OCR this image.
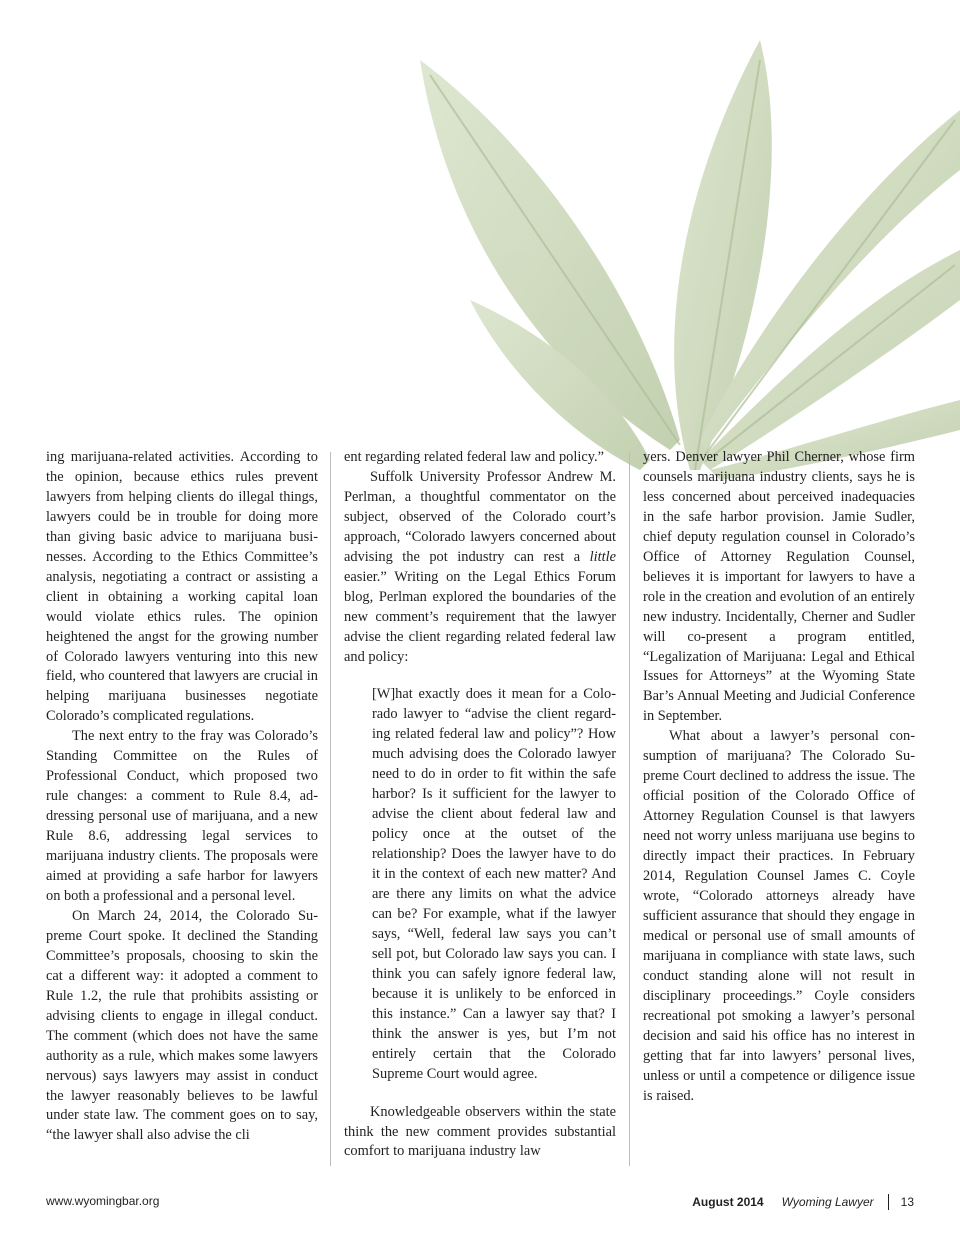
ing marijuana-related activities. According to the opinion, because ethics rules prevent lawyers from helping clients do illegal things, lawyers could be in trouble for doing more than giving basic advice to marijuana businesses. According to the Ethics Committee’s analysis, negotiating a contract or assisting a client in obtaining a working capital loan would violate ethics rules. The opinion heightened the angst for the growing number of Colorado lawyers venturing into this new field, who countered that lawyers are crucial in helping marijuana businesses negotiate Colorado’s complicated regulations.

The next entry to the fray was Colorado’s Standing Committee on the Rules of Professional Conduct, which proposed two rule changes: a comment to Rule 8.4, addressing personal use of marijuana, and a new Rule 8.6, addressing legal services to marijuana industry clients. The proposals were aimed at providing a safe harbor for lawyers on both a professional and a personal level.

On March 24, 2014, the Colorado Supreme Court spoke. It declined the Standing Committee’s proposals, choosing to skin the cat a different way: it adopted a comment to Rule 1.2, the rule that prohibits assisting or advising clients to engage in illegal conduct. The comment (which does not have the same authority as a rule, which makes some lawyers nervous) says lawyers may assist in conduct the lawyer reasonably believes to be lawful under state law. The comment goes on to say, “the lawyer shall also advise the cli

ent regarding related federal law and policy.”

Suffolk University Professor Andrew M. Perlman, a thoughtful commentator on the subject, observed of the Colorado court’s approach, “Colorado lawyers concerned about advising the pot industry can rest a little easier.” Writing on the Legal Ethics Forum blog, Perlman explored the boundaries of the new comment’s requirement that the lawyer advise the client regarding related federal law and policy:

[W]hat exactly does it mean for a Colorado lawyer to “advise the client regarding related federal law and policy”? How much advising does the Colorado lawyer need to do in order to fit within the safe harbor? Is it sufficient for the lawyer to advise the client about federal law and policy once at the outset of the relationship? Does the lawyer have to do it in the context of each new matter? And are there any limits on what the advice can be? For example, what if the lawyer says, “Well, federal law says you can’t sell pot, but Colorado law says you can. I think you can safely ignore federal law, because it is unlikely to be enforced in this instance.” Can a lawyer say that? I think the answer is yes, but I’m not entirely certain that the Colorado Supreme Court would agree.

Knowledgeable observers within the state think the new comment provides substantial comfort to marijuana industry law

yers. Denver lawyer Phil Cherner, whose firm counsels marijuana industry clients, says he is less concerned about perceived inadequacies in the safe harbor provision. Jamie Sudler, chief deputy regulation counsel in Colorado’s Office of Attorney Regulation Counsel, believes it is important for lawyers to have a role in the creation and evolution of an entirely new industry. Incidentally, Cherner and Sudler will co-present a program entitled, “Legalization of Marijuana: Legal and Ethical Issues for Attorneys” at the Wyoming State Bar’s Annual Meeting and Judicial Conference in September.

What about a lawyer’s personal consumption of marijuana? The Colorado Supreme Court declined to address the issue. The official position of the Colorado Office of Attorney Regulation Counsel is that lawyers need not worry unless marijuana use begins to directly impact their practices. In February 2014, Regulation Counsel James C. Coyle wrote, “Colorado attorneys already have sufficient assurance that should they engage in medical or personal use of small amounts of marijuana in compliance with state laws, such conduct standing alone will not result in disciplinary proceedings.” Coyle considers recreational pot smoking a lawyer’s personal decision and said his office has no interest in getting that far into lawyers’ personal lives, unless or until a competence or diligence issue is raised.

www.wyomingbar.org	August 2014 Wyoming Lawyer 13
